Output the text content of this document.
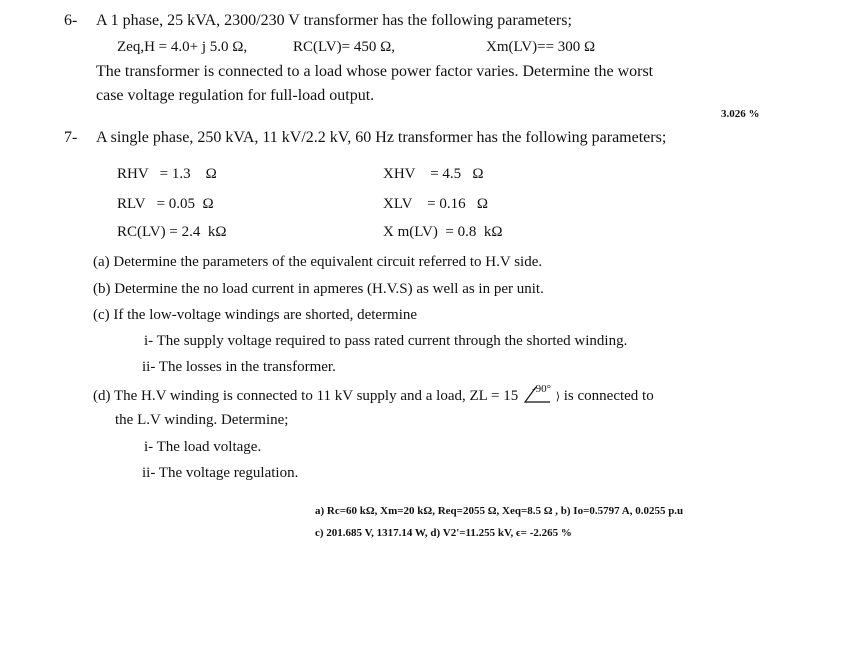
6- A 1 phase, 25 kVA, 2300/230 V transformer has the following parameters;
Zeq,H = 4.0+ j 5.0 Ω,	RC(LV)= 450 Ω,	Xm(LV)== 300 Ω
The transformer is connected to a load whose power factor varies. Determine the worst
case voltage regulation for full-load output.
3.026 %
7- A single phase, 250 kVA, 11 kV/2.2 kV, 60 Hz transformer has the following parameters;
RHV   = 1.3    Ω	XHV    = 4.5   Ω
RLV   = 0.05  Ω	XLV    = 0.16   Ω
RC(LV) = 2.4  kΩ	X m(LV)  = 0.8  kΩ
(a) Determine the parameters of the equivalent circuit referred to H.V side.
(b) Determine the no load current in apmeres (H.V.S) as well as in per unit.
(c) If the low-voltage windings are shorted, determine
i- The supply voltage required to pass rated current through the shorted winding.
ii- The losses in the transformer.
(d) The H.V winding is connected to 11 kV supply and a load, ZL = 15 -90°
⟩ is connected to
the L.V winding. Determine;
i- The load voltage.
ii- The voltage regulation.
a) Rc=60 kΩ, Xm=20 kΩ, Req=2055 Ω, Xeq=8.5 Ω , b) Io=0.5797 A, 0.0255 p.u
c) 201.685 V, 1317.14 W, d) V2'=11.255 kV, ϵ= -2.265 %
